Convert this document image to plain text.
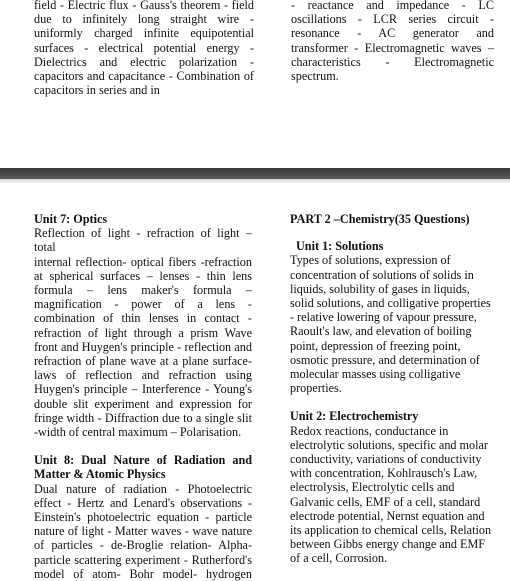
field - Electric flux - Gauss's theorem - field

due to infinitely long straight wire -

uniformly charged infinite equipotential

surfaces - electrical potential energy -

Dielectrics and electric polarization -

capacitors and capacitance - Combination of

capacitors in series and in

- reactance and impedance - LC

oscillations - LCR series circuit -

resonance - AC generator and

transformer - Electromagnetic waves –

characteristics - Electromagnetic

spectrum.

Unit 7: Optics

Reflection of light - refraction of light – total

internal reflection- optical fibers -refraction

at spherical surfaces – lenses - thin lens

formula – lens maker's formula –

magnification - power of a lens -

combination of thin lenses in contact -

refraction of light through a prism Wave

front and Huygen's principle - reflection and

refraction of plane wave at a plane surface-

laws of reflection and refraction using

Huygen's principle – Interference - Young's

double slit experiment and expression for

fringe width - Diffraction due to a single slit

-width of central maximum – Polarisation.

Unit 8: Dual Nature of Radiation and

Matter & Atomic Physics

Dual nature of radiation - Photoelectric

effect - Hertz and Lenard's observations -

Einstein's photoelectric equation - particle

nature of light - Matter waves - wave nature

of particles - de-Broglie relation- Alpha-

particle scattering experiment - Rutherford's

model of atom- Bohr model- hydrogen

PART 2 –Chemistry(35 Questions)
Unit 1: Solutions

Types of solutions, expression of

concentration of solutions of solids in

liquids, solubility of gases in liquids,

solid solutions, and colligative properties

- relative lowering of vapour pressure,

Raoult's law, and elevation of boiling

point, depression of freezing point,

osmotic pressure, and determination of

molecular masses using colligative

properties.

Unit 2: Electrochemistry

Redox reactions, conductance in

electrolytic solutions, specific and molar

conductivity, variations of conductivity

with concentration, Kohlrausch's Law,

electrolysis, Electrolytic cells and

Galvanic cells, EMF of a cell, standard

electrode potential, Nernst equation and

its application to chemical cells, Relation

between Gibbs energy change and EMF

of a cell, Corrosion.
